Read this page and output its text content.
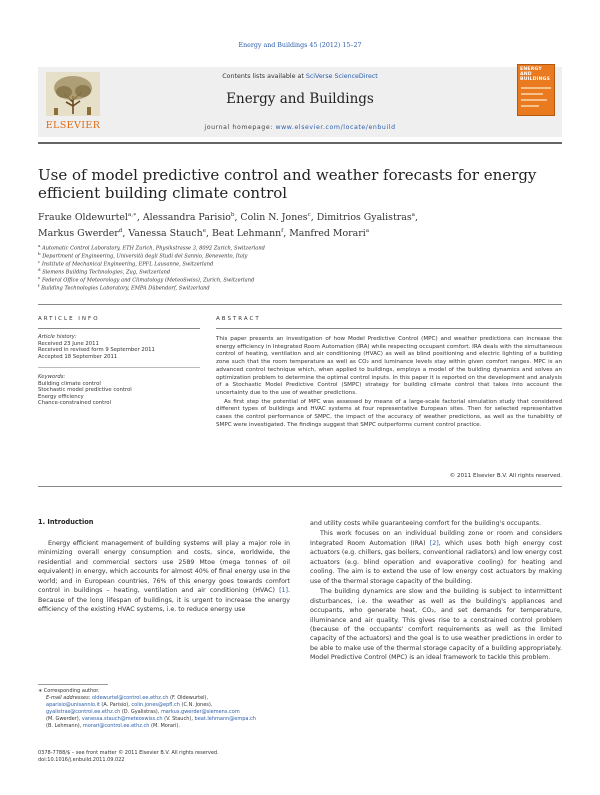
Energy and Buildings 45 (2012) 15–27
ELSEVIER
Contents lists available at SciVerse ScienceDirect
Energy and Buildings
journal homepage: www.elsevier.com/locate/enbuild
ENERGY AND BUILDINGS
Use of model predictive control and weather forecasts for energy efficient building climate control
Frauke Oldewurtel$^{a,∗}$, Alessandra Parisio$^b$, Colin N. Jones$^c$, Dimitrios Gyalistras$^a$,
Markus Gwerder$^d$, Vanessa Stauch$^e$, Beat Lehmann$^f$, Manfred Morari$^a$
$^a$ Automatic Control Laboratory, ETH Zurich, Physikstrasse 3, 8092 Zurich, Switzerland
$^b$ Department of Engineering, Università degli Studi del Sannio, Benevento, Italy
$^c$ Institute of Mechanical Engineering, EPFL Lausanne, Switzerland
$^d$ Siemens Building Technologies, Zug, Switzerland
$^e$ Federal Office of Meteorology and Climatology (MeteoSwiss), Zurich, Switzerland
$^f$ Building Technologies Laboratory, EMPA Dübendorf, Switzerland
ARTICLE INFO
Article history:
Received 23 June 2011
Received in revised form 9 September 2011
Accepted 18 September 2011
Keywords:
Building climate control
Stochastic model predictive control
Energy efficiency
Chance-constrained control
ABSTRACT

This paper presents an investigation of how Model Predictive Control (MPC) and weather predictions can increase the energy efficiency in Integrated Room Automation (IRA) while respecting occupant comfort. IRA deals with the simultaneous control of heating, ventilation and air conditioning (HVAC) as well as blind positioning and electric lighting of a building zone such that the room temperature as well as CO₂ and luminance levels stay within given comfort ranges. MPC is an advanced control technique which, when applied to buildings, employs a model of the building dynamics and solves an optimization problem to determine the optimal control inputs. In this paper it is reported on the development and analysis of a Stochastic Model Predictive Control (SMPC) strategy for building climate control that takes into account the uncertainty due to the use of weather predictions.

As first step the potential of MPC was assessed by means of a large-scale factorial simulation study that considered different types of buildings and HVAC systems at four representative European sites. Then for selected representative cases the control performance of SMPC, the impact of the accuracy of weather predictions, as well as the tunability of SMPC were investigated. The findings suggest that SMPC outperforms current control practice.

© 2011 Elsevier B.V. All rights reserved.
1. Introduction

Energy efficient management of building systems will play a major role in minimizing overall energy consumption and costs, since, worldwide, the residential and commercial sectors use 2589 Mtoe (mega tonnes of oil equivalent) in energy, which accounts for almost 40% of final energy use in the world; and in European countries, 76% of this energy goes towards comfort control in buildings – heating, ventilation and air conditioning (HVAC) [1]. Because of the long lifespan of buildings, it is urgent to increase the energy efficiency of the existing HVAC systems, i.e. to reduce energy use

and utility costs while guaranteeing comfort for the building's occupants.

This work focuses on an individual building zone or room and considers Integrated Room Automation (IRA) [2], which uses both high energy cost actuators (e.g. chillers, gas boilers, conventional radiators) and low energy cost actuators (e.g. blind operation and evaporative cooling) for heating and cooling. The aim is to extend the use of low energy cost actuators by making use of the thermal storage capacity of the building.

The building dynamics are slow and the building is subject to intermittent disturbances, i.e. the weather as well as the building's appliances and occupants, who generate heat, CO₂, and set demands for temperature, illuminance and air quality. This gives rise to a constrained control problem (because of the occupants' comfort requirements as well as the limited capacity of the actuators) and the goal is to use weather predictions in order to be able to make use of the thermal storage capacity of a building appropriately. Model Predictive Control (MPC) is an ideal framework to tackle this problem.

∗ Corresponding author.
E-mail addresses: oldewurtel@control.ee.ethz.ch (F. Oldewurtel),
aparisio@unisannio.it (A. Parisio), colin.jones@epfl.ch (C.N. Jones),
gyalistras@control.ee.ethz.ch (D. Gyalistras), markus.gwerder@siemens.com
(M. Gwerder), vanessa.stauch@meteoswiss.ch (V. Stauch), beat.lehmann@empa.ch
(B. Lehmann), morari@control.ee.ethz.ch (M. Morari).
0378-7788/$ – see front matter © 2011 Elsevier B.V. All rights reserved.
doi:10.1016/j.enbuild.2011.09.022
